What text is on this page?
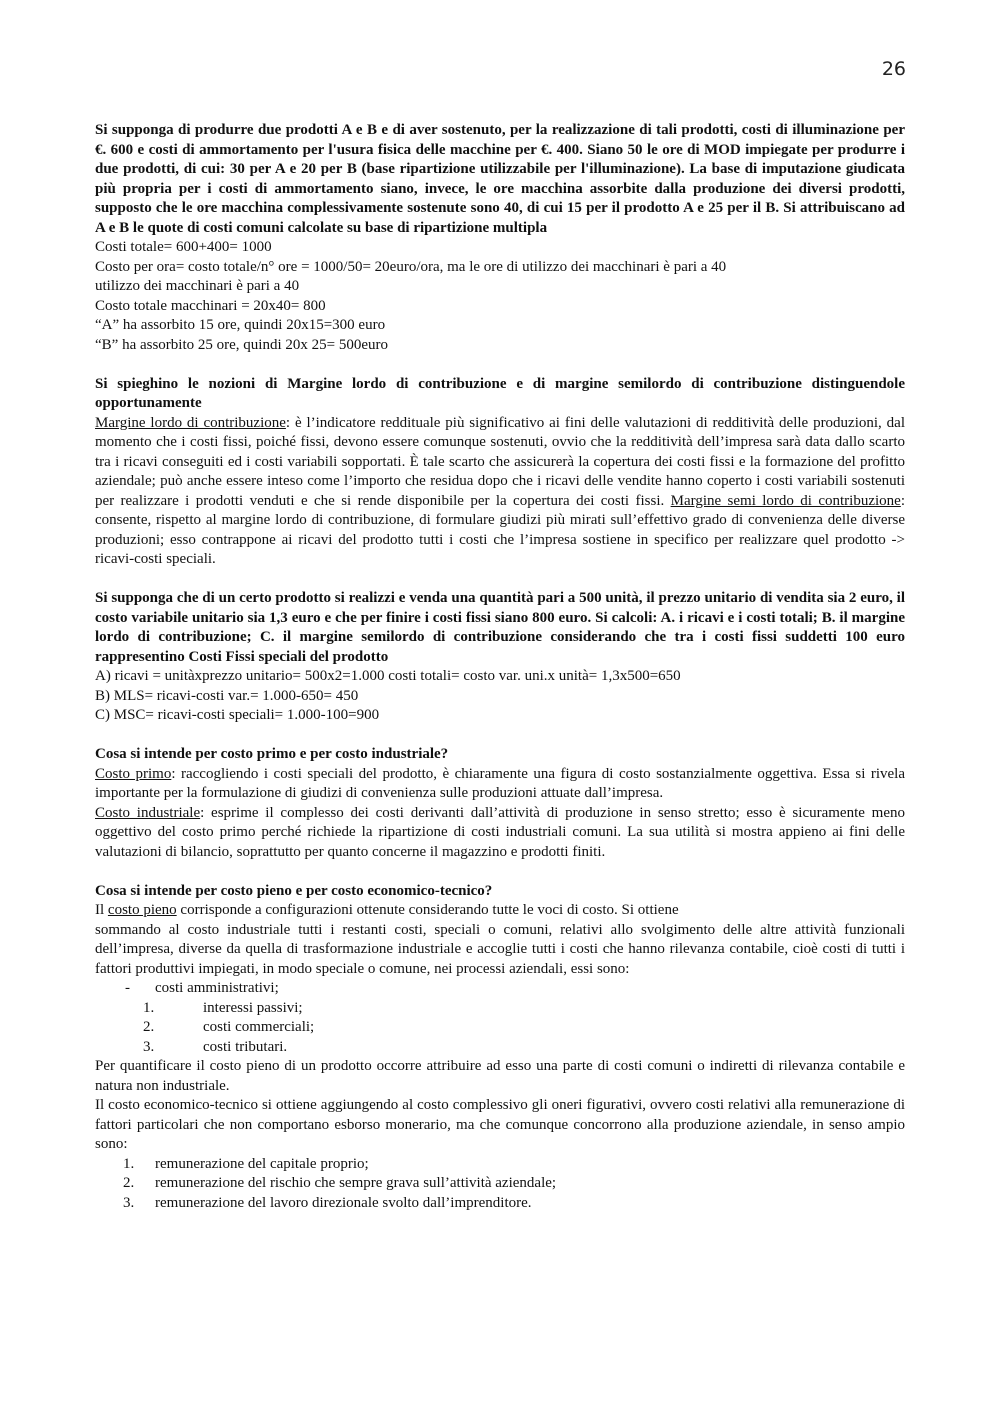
26

Si supponga di produrre due prodotti A e B e di aver sostenuto, per la realizzazione di tali prodotti, costi di illuminazione per €. 600 e costi di ammortamento per l'usura fisica delle macchine per €. 400. Siano 50 le ore di MOD impiegate per produrre i due prodotti, di cui: 30 per A e 20 per B (base ripartizione utilizzabile per l'illuminazione). La base di imputazione giudicata più propria per i costi di ammortamento siano, invece, le ore macchina assorbite dalla produzione dei diversi prodotti, supposto che le ore macchina complessivamente sostenute sono 40, di cui 15 per il prodotto A e 25 per il B. Si attribuiscano ad A e B le quote di costi comuni calcolate su base di ripartizione multipla

Costi totale= 600+400= 1000

Costo per ora= costo totale/n° ore = 1000/50= 20euro/ora, ma le ore di utilizzo dei macchinari è pari a 40

utilizzo dei macchinari è pari a 40

Costo totale macchinari = 20x40= 800

“A” ha assorbito 15 ore, quindi 20x15=300 euro

“B” ha assorbito 25 ore, quindi 20x 25= 500euro

Si spieghino le nozioni di Margine lordo di contribuzione e di margine semilordo di contribuzione distinguendole opportunamente

Margine lordo di contribuzione: è l’indicatore reddituale più significativo ai fini delle valutazioni di redditività delle produzioni, dal momento che i costi fissi, poiché fissi, devono essere comunque sostenuti, ovvio che la redditività dell’impresa sarà data dallo scarto tra i ricavi conseguiti ed i costi variabili sopportati. È tale scarto che assicurerà la copertura dei costi fissi e la formazione del profitto aziendale; può anche essere inteso come l’importo che residua dopo che i ricavi delle vendite hanno coperto i costi variabili sostenuti per realizzare i prodotti venduti e che si rende disponibile per la copertura dei costi fissi. Margine semi lordo di contribuzione: consente, rispetto al margine lordo di contribuzione, di formulare giudizi più mirati sull’effettivo grado di convenienza delle diverse produzioni; esso contrappone ai ricavi del prodotto tutti i costi che l’impresa sostiene in specifico per realizzare quel prodotto -> ricavi-costi speciali.

Si supponga che di un certo prodotto si realizzi e venda una quantità pari a 500 unità, il prezzo unitario di vendita sia 2 euro, il costo variabile unitario sia 1,3 euro e che per finire i costi fissi siano 800 euro. Si calcoli: A. i ricavi e i costi totali; B. il margine lordo di contribuzione; C. il margine semilordo di contribuzione considerando che tra i costi fissi suddetti 100 euro rappresentino Costi Fissi speciali del prodotto

A) ricavi = unitàxprezzo unitario= 500x2=1.000 costi totali= costo var. uni.x unità= 1,3x500=650

B) MLS= ricavi-costi var.= 1.000-650= 450

C) MSC= ricavi-costi speciali= 1.000-100=900

Cosa si intende per costo primo e per costo industriale?

Costo primo: raccogliendo i costi speciali del prodotto, è chiaramente una figura di costo sostanzialmente oggettiva. Essa si rivela importante per la formulazione di giudizi di convenienza sulle produzioni attuate dall’impresa.

Costo industriale: esprime il complesso dei costi derivanti dall’attività di produzione in senso stretto; esso è sicuramente meno oggettivo del costo primo perché richiede la ripartizione di costi industriali comuni. La sua utilità si mostra appieno ai fini delle valutazioni di bilancio, soprattutto per quanto concerne il magazzino e prodotti finiti.

Cosa si intende per costo pieno e per costo economico-tecnico?

Il costo pieno corrisponde a configurazioni ottenute considerando tutte le voci di costo. Si ottiene

sommando al costo industriale tutti i restanti costi, speciali o comuni, relativi allo svolgimento delle altre attività funzionali dell’impresa, diverse da quella di trasformazione industriale e accoglie tutti i costi che hanno rilevanza contabile, cioè costi di tutti i fattori produttivi impiegati, in modo speciale o comune, nei processi aziendali, essi sono:

- costi amministrativi;
1.	interessi passivi;
2.	costi commerciali;
3.	costi tributari.

Per quantificare il costo pieno di un prodotto occorre attribuire ad esso una parte di costi comuni o indiretti di rilevanza contabile e natura non industriale.

Il costo economico-tecnico si ottiene aggiungendo al costo complessivo gli oneri figurativi, ovvero costi relativi alla remunerazione di fattori particolari che non comportano esborso monerario, ma che comunque concorrono alla produzione aziendale, in senso ampio sono:

1. remunerazione del capitale proprio;
2. remunerazione del rischio che sempre grava sull’attività aziendale;
3. remunerazione del lavoro direzionale svolto dall’imprenditore.
